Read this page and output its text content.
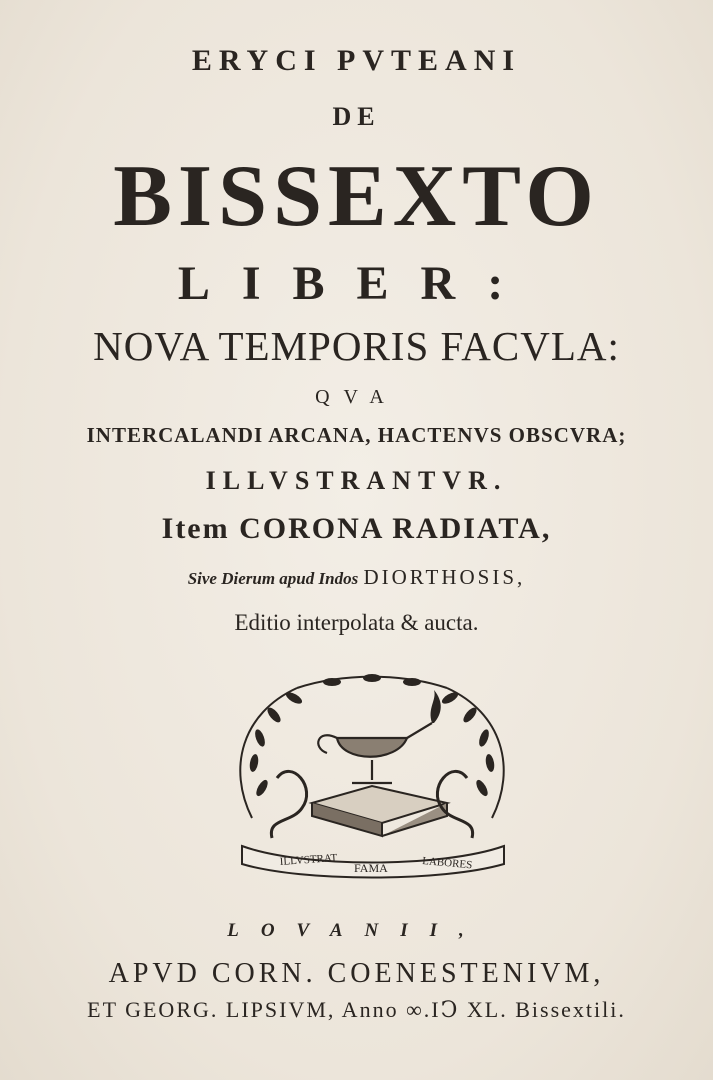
ERYCI PVTEANI
DE
BISSEXTO
LIBER:
NOVA TEMPORIS FACVLA:
QVA
INTERCALANDI ARCANA, HACTENVS OBSCVRA;
ILLVSTRANTVR.
Item CORONA RADIATA,
Sive Dierum apud Indos DIORTHOSIS,
Editio interpolata & aucta.
ILLVSTRAT
FAMA	LABORES
LOVANII,
APVD CORN. COENESTENIVM,
ET GEORG. LIPSIVM, Anno ∞.IↃ XL. Bissextili.
